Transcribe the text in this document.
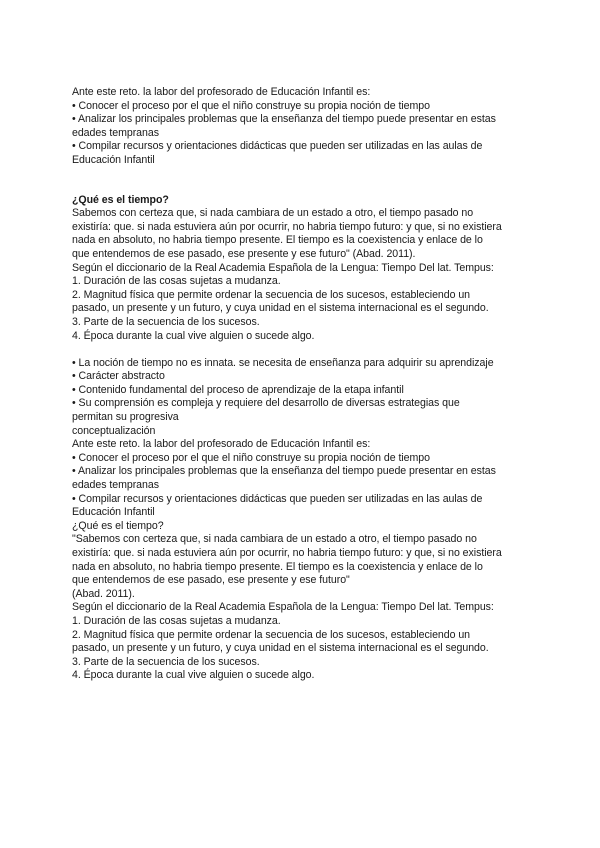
Ante este reto. la labor del profesorado de Educación Infantil es:
• Conocer el proceso por el que el niño construye su propia noción de tiempo
• Analizar los principales problemas que la enseñanza del tiempo puede presentar en estas
edades tempranas
• Compilar recursos y orientaciones didácticas que pueden ser utilizadas en las aulas de
Educación Infantil
¿Qué es el tiempo?
Sabemos con certeza que, si nada cambiara de un estado a otro, el tiempo pasado no
existiría: que. si nada estuviera aún por ocurrir, no habria tiempo futuro: y que, si no existiera
nada en absoluto, no habria tiempo presente. El tiempo es la coexistencia y enlace de lo
que entendemos de ese pasado, ese presente y ese futuro" (Abad. 2011).
Según el diccionario de la Real Academia Española de la Lengua: Tiempo Del lat. Tempus:
1. Duración de las cosas sujetas a mudanza.
2. Magnitud física que permite ordenar la secuencia de los sucesos, estableciendo un
pasado, un presente y un futuro, y cuya unidad en el sistema internacional es el segundo.
3. Parte de la secuencia de los sucesos.
4. Época durante la cual vive alguien o sucede algo.
• La noción de tiempo no es innata. se necesita de enseñanza para adquirir su aprendizaje
• Carácter abstracto
• Contenido fundamental del proceso de aprendizaje de la etapa infantil
• Su comprensión es compleja y requiere del desarrollo de diversas estrategias que
permitan su progresiva
conceptualización
Ante este reto. la labor del profesorado de Educación Infantil es:
• Conocer el proceso por el que el niño construye su propia noción de tiempo
• Analizar los principales problemas que la enseñanza del tiempo puede presentar en estas
edades tempranas
• Compilar recursos y orientaciones didácticas que pueden ser utilizadas en las aulas de
Educación Infantil
¿Qué es el tiempo?
"Sabemos con certeza que, si nada cambiara de un estado a otro, el tiempo pasado no
existiría: que. si nada estuviera aún por ocurrir, no habria tiempo futuro: y que, si no existiera
nada en absoluto, no habria tiempo presente. El tiempo es la coexistencia y enlace de lo
que entendemos de ese pasado, ese presente y ese futuro"
(Abad. 2011).
Según el diccionario de la Real Academia Española de la Lengua: Tiempo Del lat. Tempus:
1. Duración de las cosas sujetas a mudanza.
2. Magnitud física que permite ordenar la secuencia de los sucesos, estableciendo un
pasado, un presente y un futuro, y cuya unidad en el sistema internacional es el segundo.
3. Parte de la secuencia de los sucesos.
4. Época durante la cual vive alguien o sucede algo.
